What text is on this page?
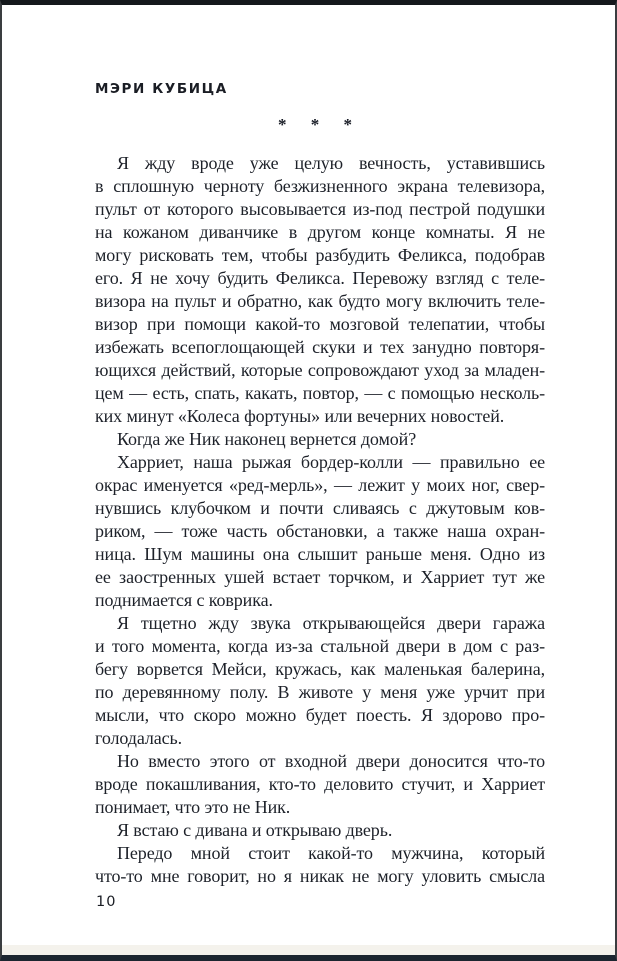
МЭРИ КУБИЦА
* * *
Я жду вроде уже целую вечность, уставившись
в сплошную черноту безжизненного экрана телевизора,
пульт от которого высовывается из-под пестрой подушки
на кожаном диванчике в другом конце комнаты. Я не
могу рисковать тем, чтобы разбудить Феликса, подобрав
его. Я не хочу будить Феликса. Перевожу взгляд с теле-
визора на пульт и обратно, как будто могу включить теле-
визор при помощи какой-то мозговой телепатии, чтобы
избежать всепоглощающей скуки и тех занудно повторя-
ющихся действий, которые сопровождают уход за младен-
цем — есть, спать, какать, повтор, — с помощью несколь-
ких минут «Колеса фортуны» или вечерних новостей.
Когда же Ник наконец вернется домой?
Харриет, наша рыжая бордер-колли — правильно ее
окрас именуется «ред-мерль», — лежит у моих ног, свер-
нувшись клубочком и почти сливаясь с джутовым ков-
риком, — тоже часть обстановки, а также наша охран-
ница. Шум машины она слышит раньше меня. Одно из
ее заостренных ушей встает торчком, и Харриет тут же
поднимается с коврика.
Я тщетно жду звука открывающейся двери гаража
и того момента, когда из-за стальной двери в дом с раз-
бегу ворвется Мейси, кружась, как маленькая балерина,
по деревянному полу. В животе у меня уже урчит при
мысли, что скоро можно будет поесть. Я здорово про-
голодалась.
Но вместо этого от входной двери доносится что-то
вроде покашливания, кто-то деловито стучит, и Харриет
понимает, что это не Ник.
Я встаю с дивана и открываю дверь.
Передо мной стоит какой-то мужчина, который
что-то мне говорит, но я никак не могу уловить смысла
10
